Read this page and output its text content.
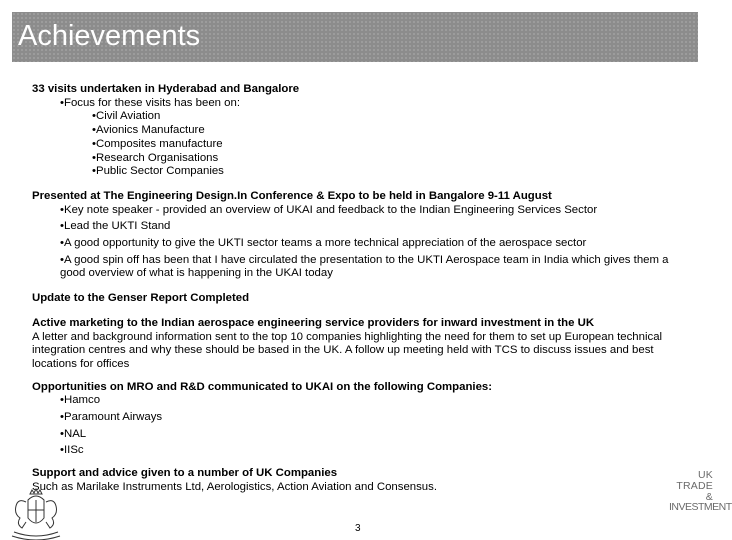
Achievements
33 visits undertaken in Hyderabad and Bangalore
•Focus for these visits has been on:
•Civil Aviation
•Avionics Manufacture
•Composites manufacture
•Research Organisations
•Public Sector Companies
Presented at The Engineering Design.In Conference & Expo to be held in Bangalore 9-11 August
•Key note speaker - provided an overview of UKAI and feedback to the Indian Engineering Services Sector
•Lead the UKTI Stand
•A good opportunity to give the UKTI sector teams a more technical appreciation of the aerospace sector
•A good spin off has been that I have circulated the presentation to the UKTI Aerospace team in India which gives them a good overview of what is happening in the UKAI today
Update to the Genser Report Completed
Active marketing to the Indian aerospace engineering service providers for inward investment in the UK
A letter and background information sent to the top 10 companies highlighting the need for them to set up European technical integration centres and why these should be based in the UK. A follow up meeting held with TCS to discuss issues and best locations for offices
Opportunities on MRO and R&D communicated to UKAI on the following Companies:
•Hamco
•Paramount Airways
•NAL
•IISc
Support and advice given to a number of UK Companies
Such as Marilake Instruments Ltd, Aerologistics, Action Aviation and Consensus.
UK
TRADE &
INVESTMENT
3
